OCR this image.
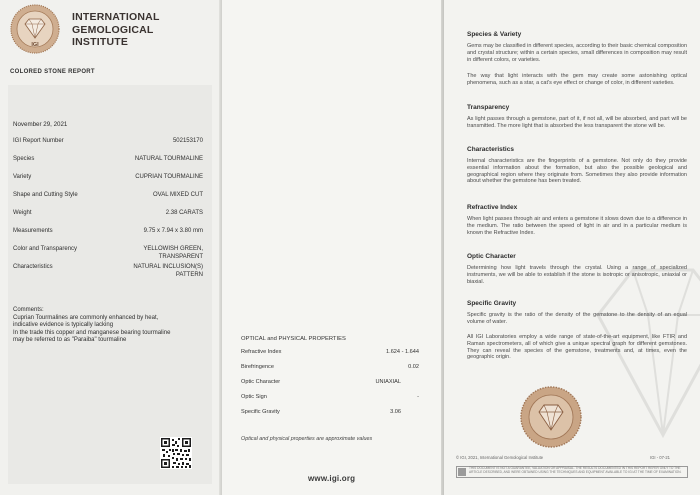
IGI
INTERNATIONAL
GEMOLOGICAL
INSTITUTE
COLORED STONE REPORT
November 29, 2021
IGI Report Number	502153170
Species	NATURAL TOURMALINE
Variety	CUPRIAN TOURMALINE
Shape and Cutting Style	OVAL MIXED CUT
Weight	2.38 CARATS
Measurements	9.75 x 7.94 x 3.80 mm
Color and Transparency	YELLOWISH GREEN,
TRANSPARENT
Characteristics	NATURAL INCLUSION(S)
PATTERN
Comments:
Cuprian Tourmalines are commonly enhanced by heat,
indicative evidence is typically lacking
In the trade this copper and manganese bearing tourmaline
may be referred to as "Paraiba" tourmaline	OPTICAL and PHYSICAL PROPERTIES
Refractive Index	1.624 - 1.644
Birefringence	0.02
Optic Character	UNIAXIAL
Optic Sign	-
Specific Gravity	3.06
Optical and physical properties are approximate values
www.igi.org
Species & Variety
Gems may be classified in different species, according to their basic chemical composition and crystal structure; within a certain species, small differences in composition may result in different colors, or varieties.
The way that light interacts with the gem may create some astonishing optical phenomena, such as a star, a cat's eye effect or change of color, in different varieties.
Transparency
As light passes through a gemstone, part of it, if not all, will be absorbed, and part will be transmitted. The more light that is absorbed the less transparent the stone will be.
Characteristics
Internal characteristics are the fingerprints of a gemstone. Not only do they provide essential information about the formation, but also the possible geological and geographical region where they originate from. Sometimes they also provide information about whether the gemstone has been treated.
Refractive Index
When light passes through air and enters a gemstone it slows down due to a difference in the medium. The ratio between the speed of light in air and in a particular medium is known the Refractive Index.
Optic Character
Determining how light travels through the crystal. Using a range of specialized instruments, we will be able to establish if the stone is isotropic or anisotropic, uniaxial or biaxial.
Specific Gravity
Specific gravity is the ratio of the density of the gemstone to the density of an equal volume of water.
All IGI Laboratories employ a wide range of state-of-the-art equipment, like FTIR and Raman spectrometers, all of which give a unique spectral graph for different gemstones. They can reveal the species of the gemstone, treatments and, at times, even the geographic origin.
© IGI, 2021, International Gemological Institute	IGI - 07-21
THIS DOCUMENT IS NOT A GUARANTEE, VALUATION OR APPRAISAL. THE RESULTS DOCUMENTED IN THIS REPORT REFER ONLY TO THE ARTICLE DESCRIBED, AND WERE OBTAINED USING THE TECHNIQUES AND EQUIPMENT AVAILABLE TO IGI AT THE TIME OF EXAMINATION.
